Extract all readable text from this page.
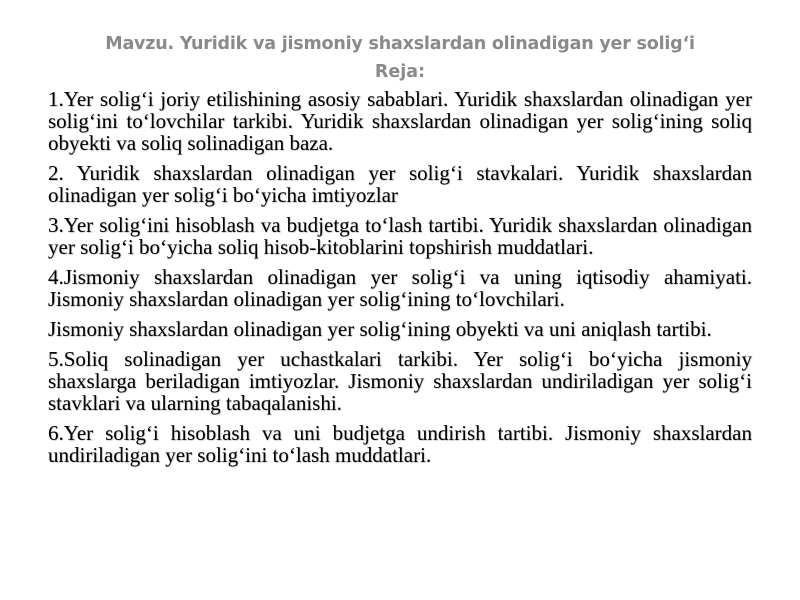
Mavzu. Yuridik va jismoniy shaxslardan olinadigan yer solig‘i
Reja:
1.Yer solig‘i joriy etilishining asosiy sabablari. Yuridik shaxslardan olinadigan yer solig‘ini to‘lovchilar tarkibi. Yuridik shaxslardan olinadigan yer solig‘ining soliq obyekti va soliq solinadigan baza.
2. Yuridik shaxslardan olinadigan yer solig‘i stavkalari. Yuridik shaxslardan olinadigan yer solig‘i bo‘yicha imtiyozlar
3.Yer solig‘ini hisoblash va budjetga to‘lash tartibi. Yuridik shaxslardan olinadigan yer solig‘i bo‘yicha soliq hisob-kitoblarini topshirish muddatlari.
4.Jismoniy shaxslardan olinadigan yer solig‘i va uning iqtisodiy ahamiyati. Jismoniy shaxslardan olinadigan yer solig‘ining to‘lovchilari.
Jismoniy shaxslardan olinadigan yer solig‘ining obyekti va uni aniqlash tartibi.
5.Soliq solinadigan yer uchastkalari tarkibi. Yer solig‘i bo‘yicha jismoniy shaxslarga beriladigan imtiyozlar. Jismoniy shaxslardan undiriladigan yer solig‘i stavklari va ularning tabaqalanishi.
6.Yer solig‘i hisoblash va uni budjetga undirish tartibi. Jismoniy shaxslardan undiriladigan yer solig‘ini to‘lash muddatlari.
